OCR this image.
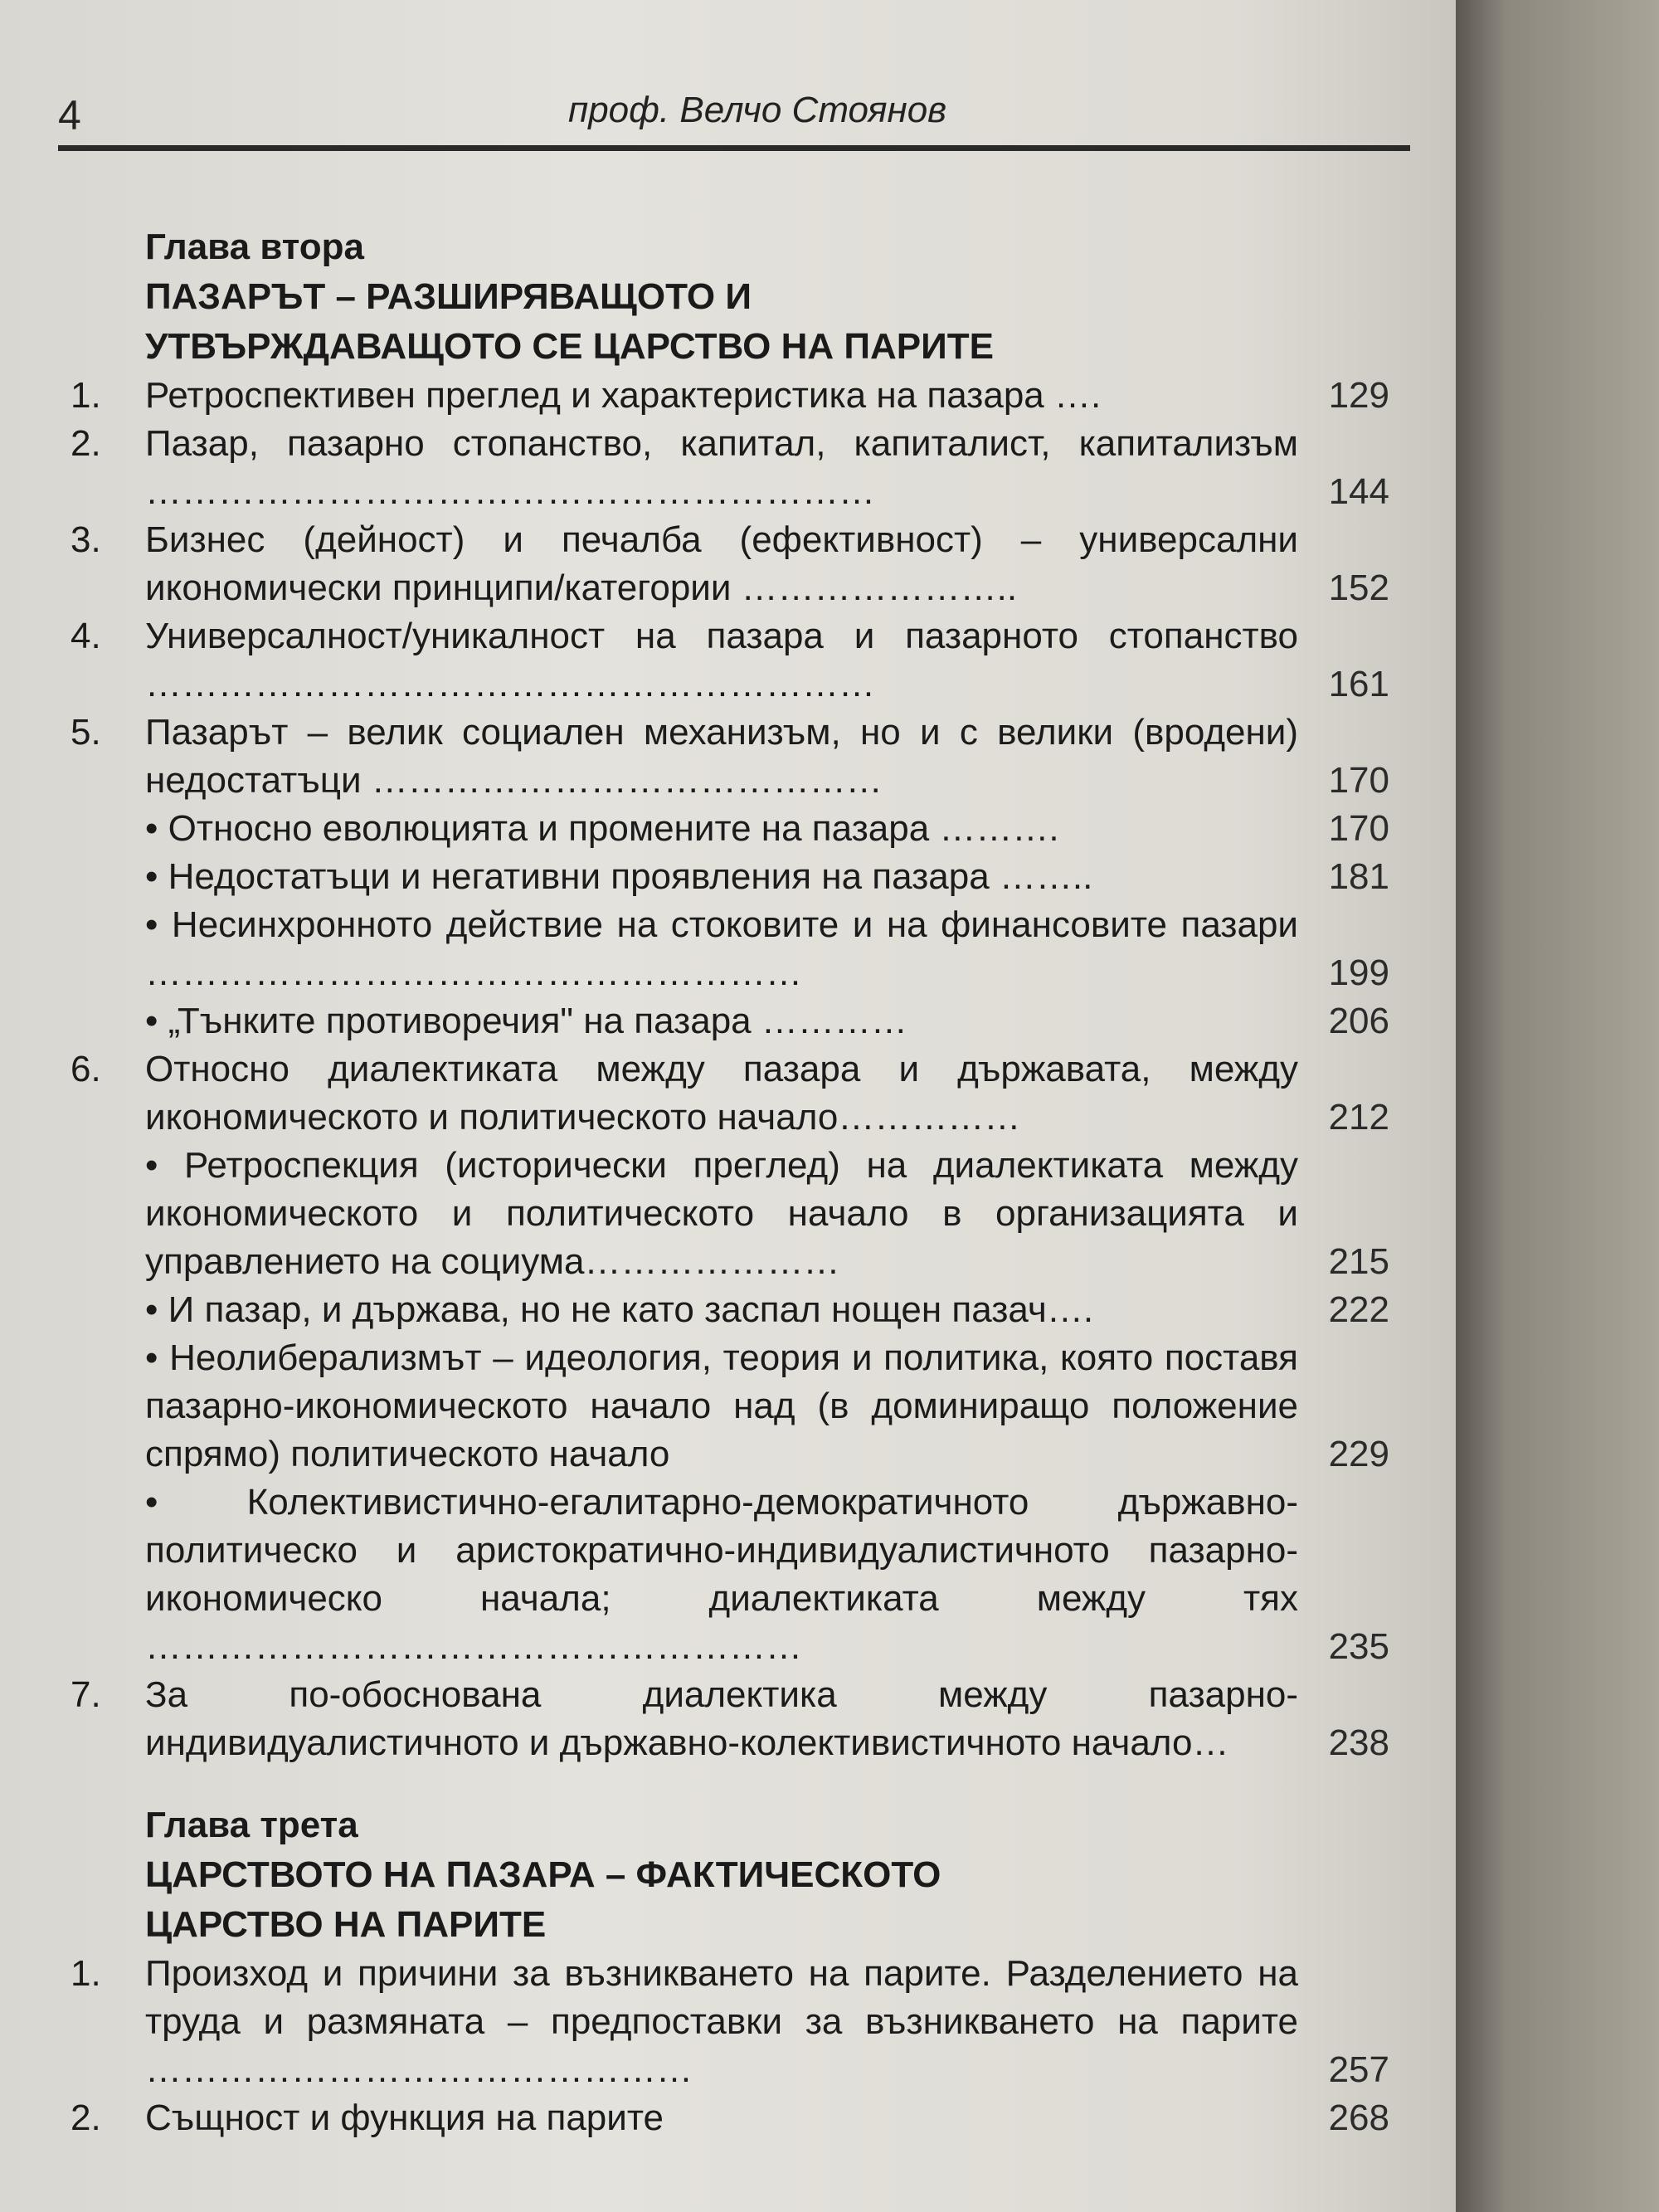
4	проф. Велчо Стоянов
Глава втора
ПАЗАРЪТ – РАЗШИРЯВАЩОТО И
УТВЪРЖДАВАЩОТО СЕ ЦАРСТВО НА ПАРИТЕ
1.	Ретроспективен преглед и характеристика на пазара ….	129
2.	Пазар, пазарно стопанство, капитал, капиталист, капитализъм ……………………………………………………	144
3.	Бизнес (дейност) и печалба (ефективност) – универсални икономически принципи/категории …………………..	152
4.	Универсалност/уникалност на пазара и пазарното стопанство ……………………………………………………	161
5.	Пазарът – велик социален механизъм, но и с велики (вродени) недостатъци ……………………………………	170
• Относно еволюцията и промените на пазара ……….	170
• Недостатъци и негативни проявления на пазара ……..	181
• Несинхронното действие на стоковите и на финансовите пазари ………………………………………………	199
• „Тънките противоречия" на пазара …………	206
6.	Относно диалектиката между пазара и държавата, между икономическото и политическото начало……………	212
• Ретроспекция (исторически преглед) на диалектиката между икономическото и политическото начало в организацията и управлението на социума…………………	215
• И пазар, и държава, но не като заспал нощен пазач….	222
• Неолиберализмът – идеология, теория и политика, която поставя пазарно-икономическото начало над (в доминиращо положение спрямо) политическото начало	229
• Колективистично-егалитарно-демократичното държавно-политическо и аристократично-индивидуалистичното пазарно-икономическо начала; диалектиката между тях ………………………………………………	235
7.	За по-обоснована диалектика между пазарно-индивидуалистичното и държавно-колективистичното начало…	238
Глава трета
ЦАРСТВОТО НА ПАЗАРА – ФАКТИЧЕСКОТО
ЦАРСТВО НА ПАРИТЕ
1.	Произход и причини за възникването на парите. Разделението на труда и размяната – предпоставки за възникването на парите ………………………………………	257
2.	Същност и функция на парите	268
